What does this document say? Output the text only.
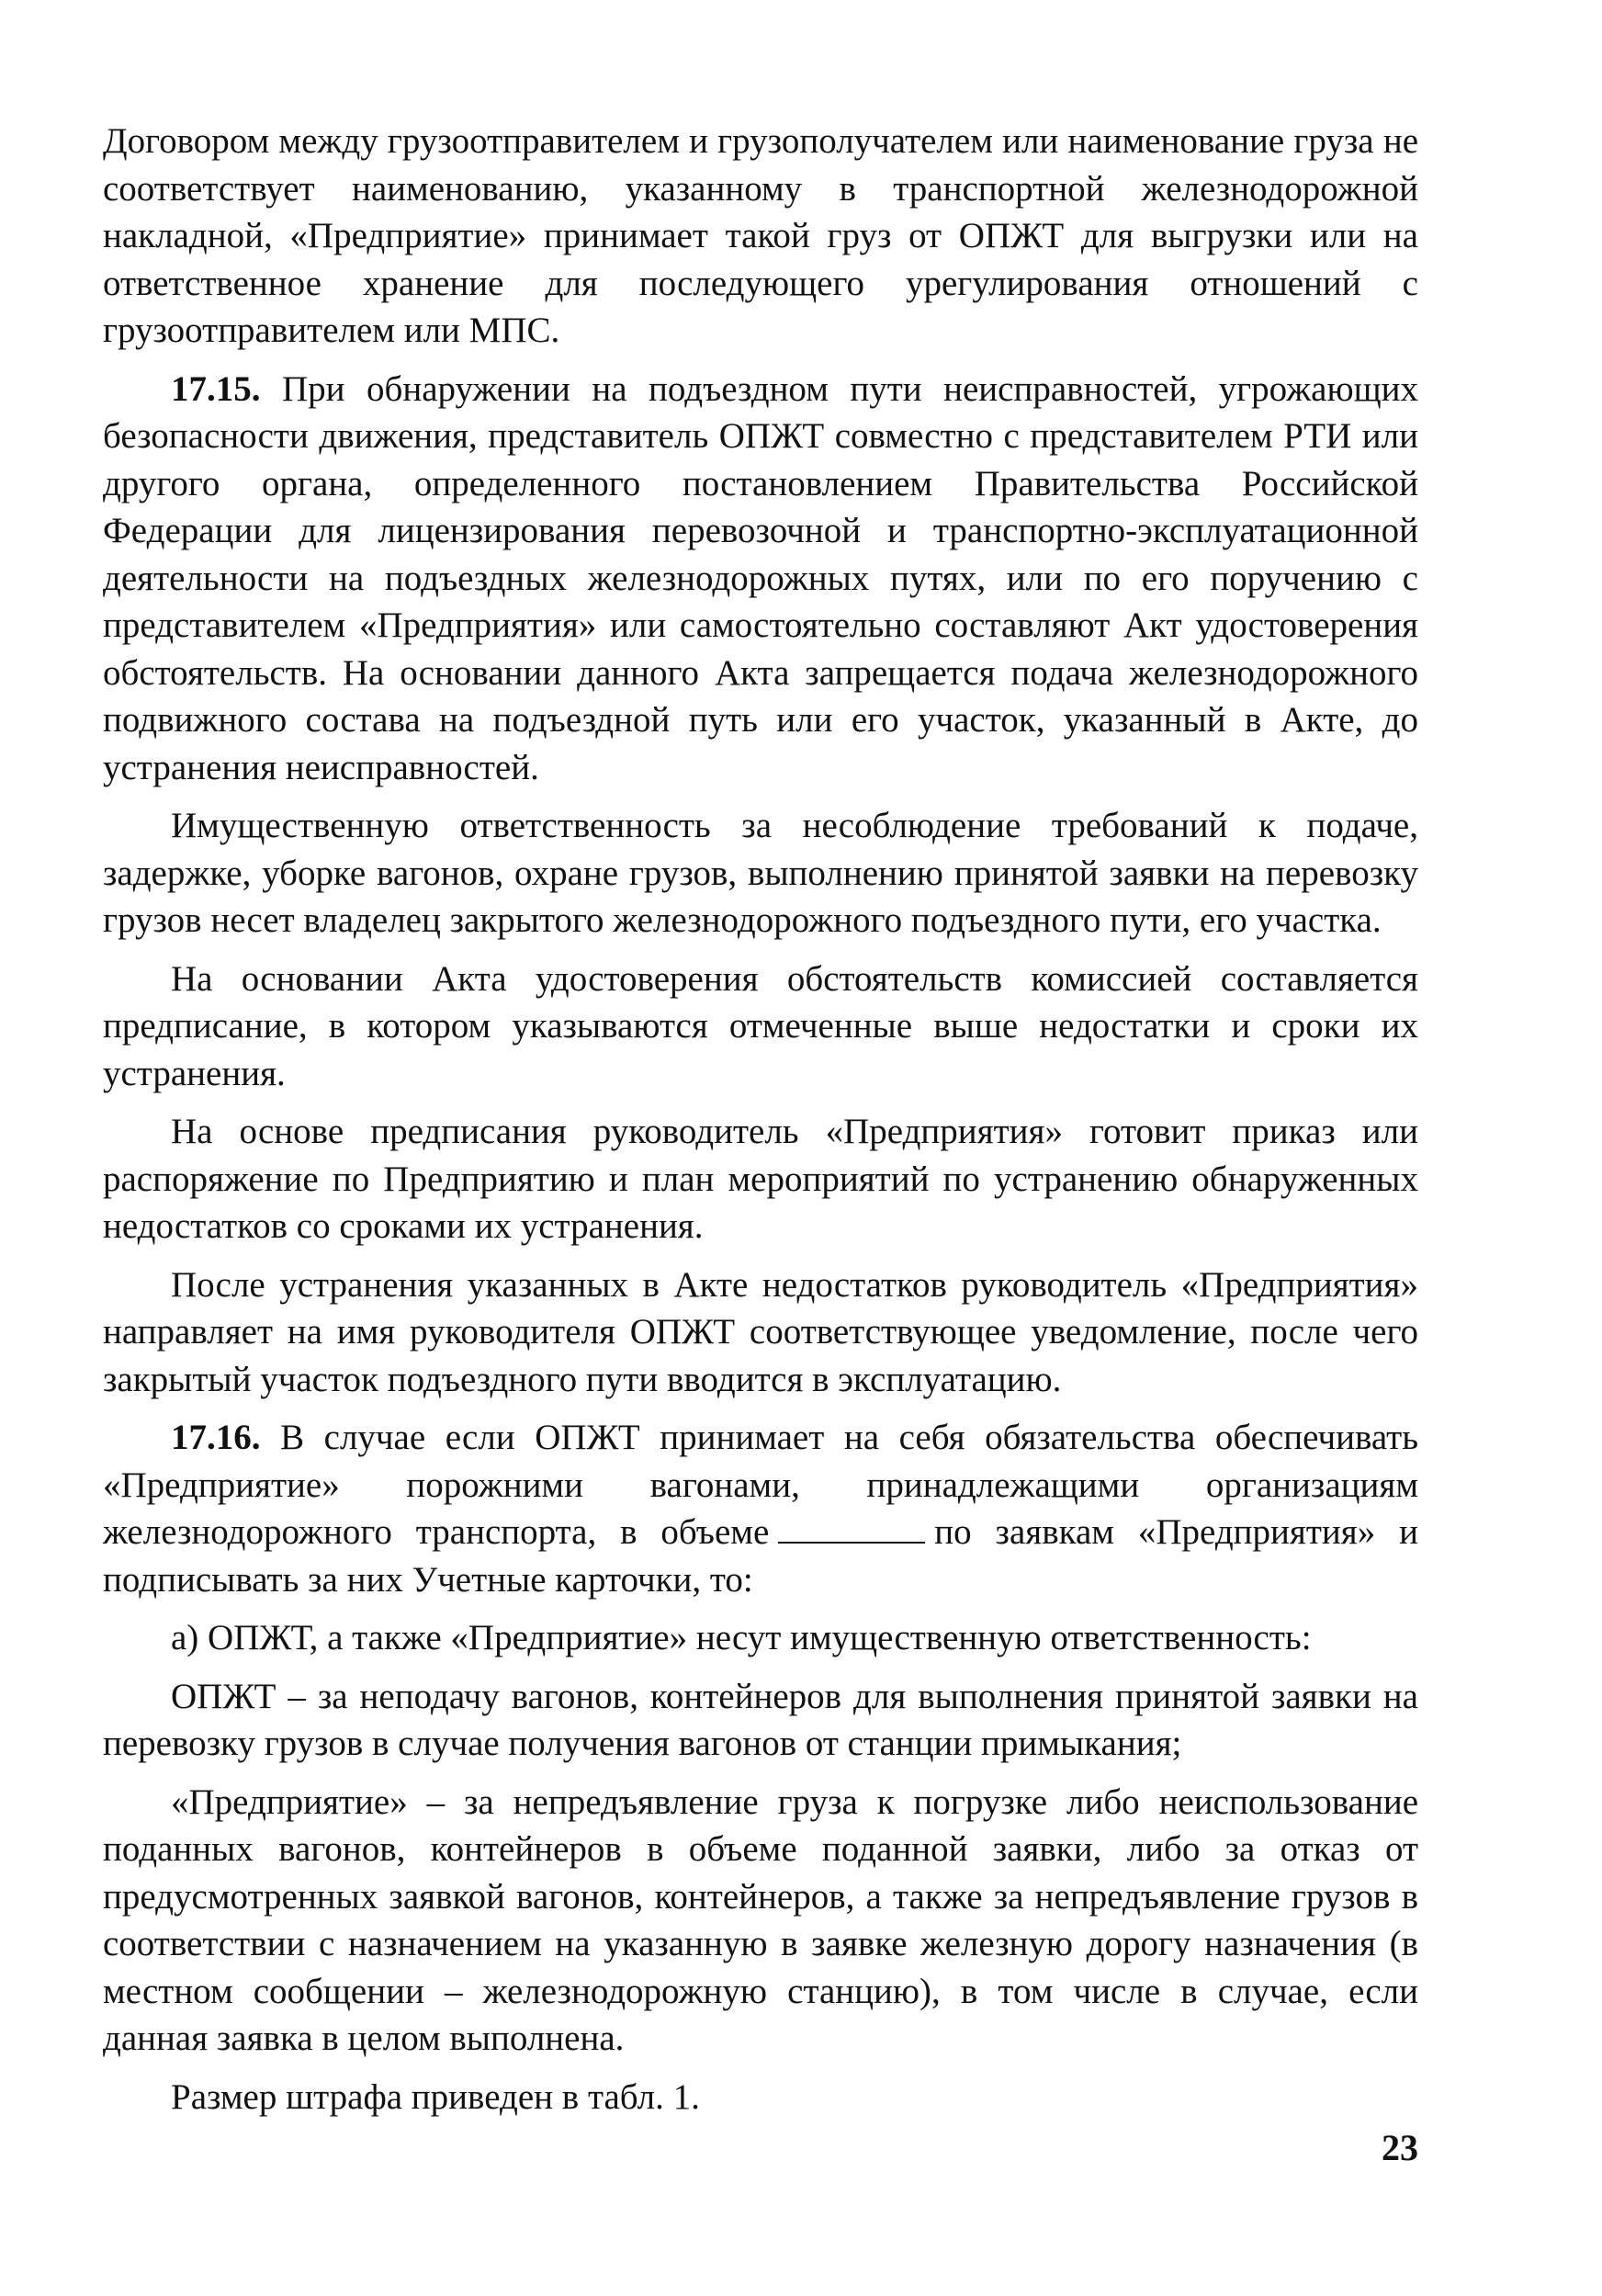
Договором между грузоотправителем и грузополучателем или наименование груза не соответствует наименованию, указанному в транспортной железнодорожной накладной, «Предприятие» принимает такой груз от ОПЖТ для выгрузки или на ответственное хранение для последующего урегулирования отношений с грузоотправителем или МПС.

17.15. При обнаружении на подъездном пути неисправностей, угрожающих безопасности движения, представитель ОПЖТ совместно с представителем РТИ или другого органа, определенного постановлением Правительства Российской Федерации для лицензирования перевозочной и транспортно-эксплуатационной деятельности на подъездных железнодорожных путях, или по его поручению с представителем «Предприятия» или самостоятельно составляют Акт удостоверения обстоятельств. На основании данного Акта запрещается подача железнодорожного подвижного состава на подъездной путь или его участок, указанный в Акте, до устранения неисправностей.

Имущественную ответственность за несоблюдение требований к подаче, задержке, уборке вагонов, охране грузов, выполнению принятой заявки на перевозку грузов несет владелец закрытого железнодорожного подъездного пути, его участка.

На основании Акта удостоверения обстоятельств комиссией составляется предписание, в котором указываются отмеченные выше недостатки и сроки их устранения.

На основе предписания руководитель «Предприятия» готовит приказ или распоряжение по Предприятию и план мероприятий по устранению обнаруженных недостатков со сроками их устранения.

После устранения указанных в Акте недостатков руководитель «Предприятия» направляет на имя руководителя ОПЖТ соответствующее уведомление, после чего закрытый участок подъездного пути вводится в эксплуатацию.

17.16. В случае если ОПЖТ принимает на себя обязательства обеспечивать «Предприятие» порожними вагонами, принадлежащими организациям железнодорожного транспорта, в объеме	по заявкам «Предприятия» и подписывать за них Учетные карточки, то:

а) ОПЖТ, а также «Предприятие» несут имущественную ответственность:

ОПЖТ – за неподачу вагонов, контейнеров для выполнения принятой заявки на перевозку грузов в случае получения вагонов от станции примыкания;

«Предприятие» – за непредъявление груза к погрузке либо неиспользование поданных вагонов, контейнеров в объеме поданной заявки, либо за отказ от предусмотренных заявкой вагонов, контейнеров, а также за непредъявление грузов в соответствии с назначением на указанную в заявке железную дорогу назначения (в местном сообщении – железнодорожную станцию), в том числе в случае, если данная заявка в целом выполнена.

Размер штрафа приведен в табл. 1.

23
